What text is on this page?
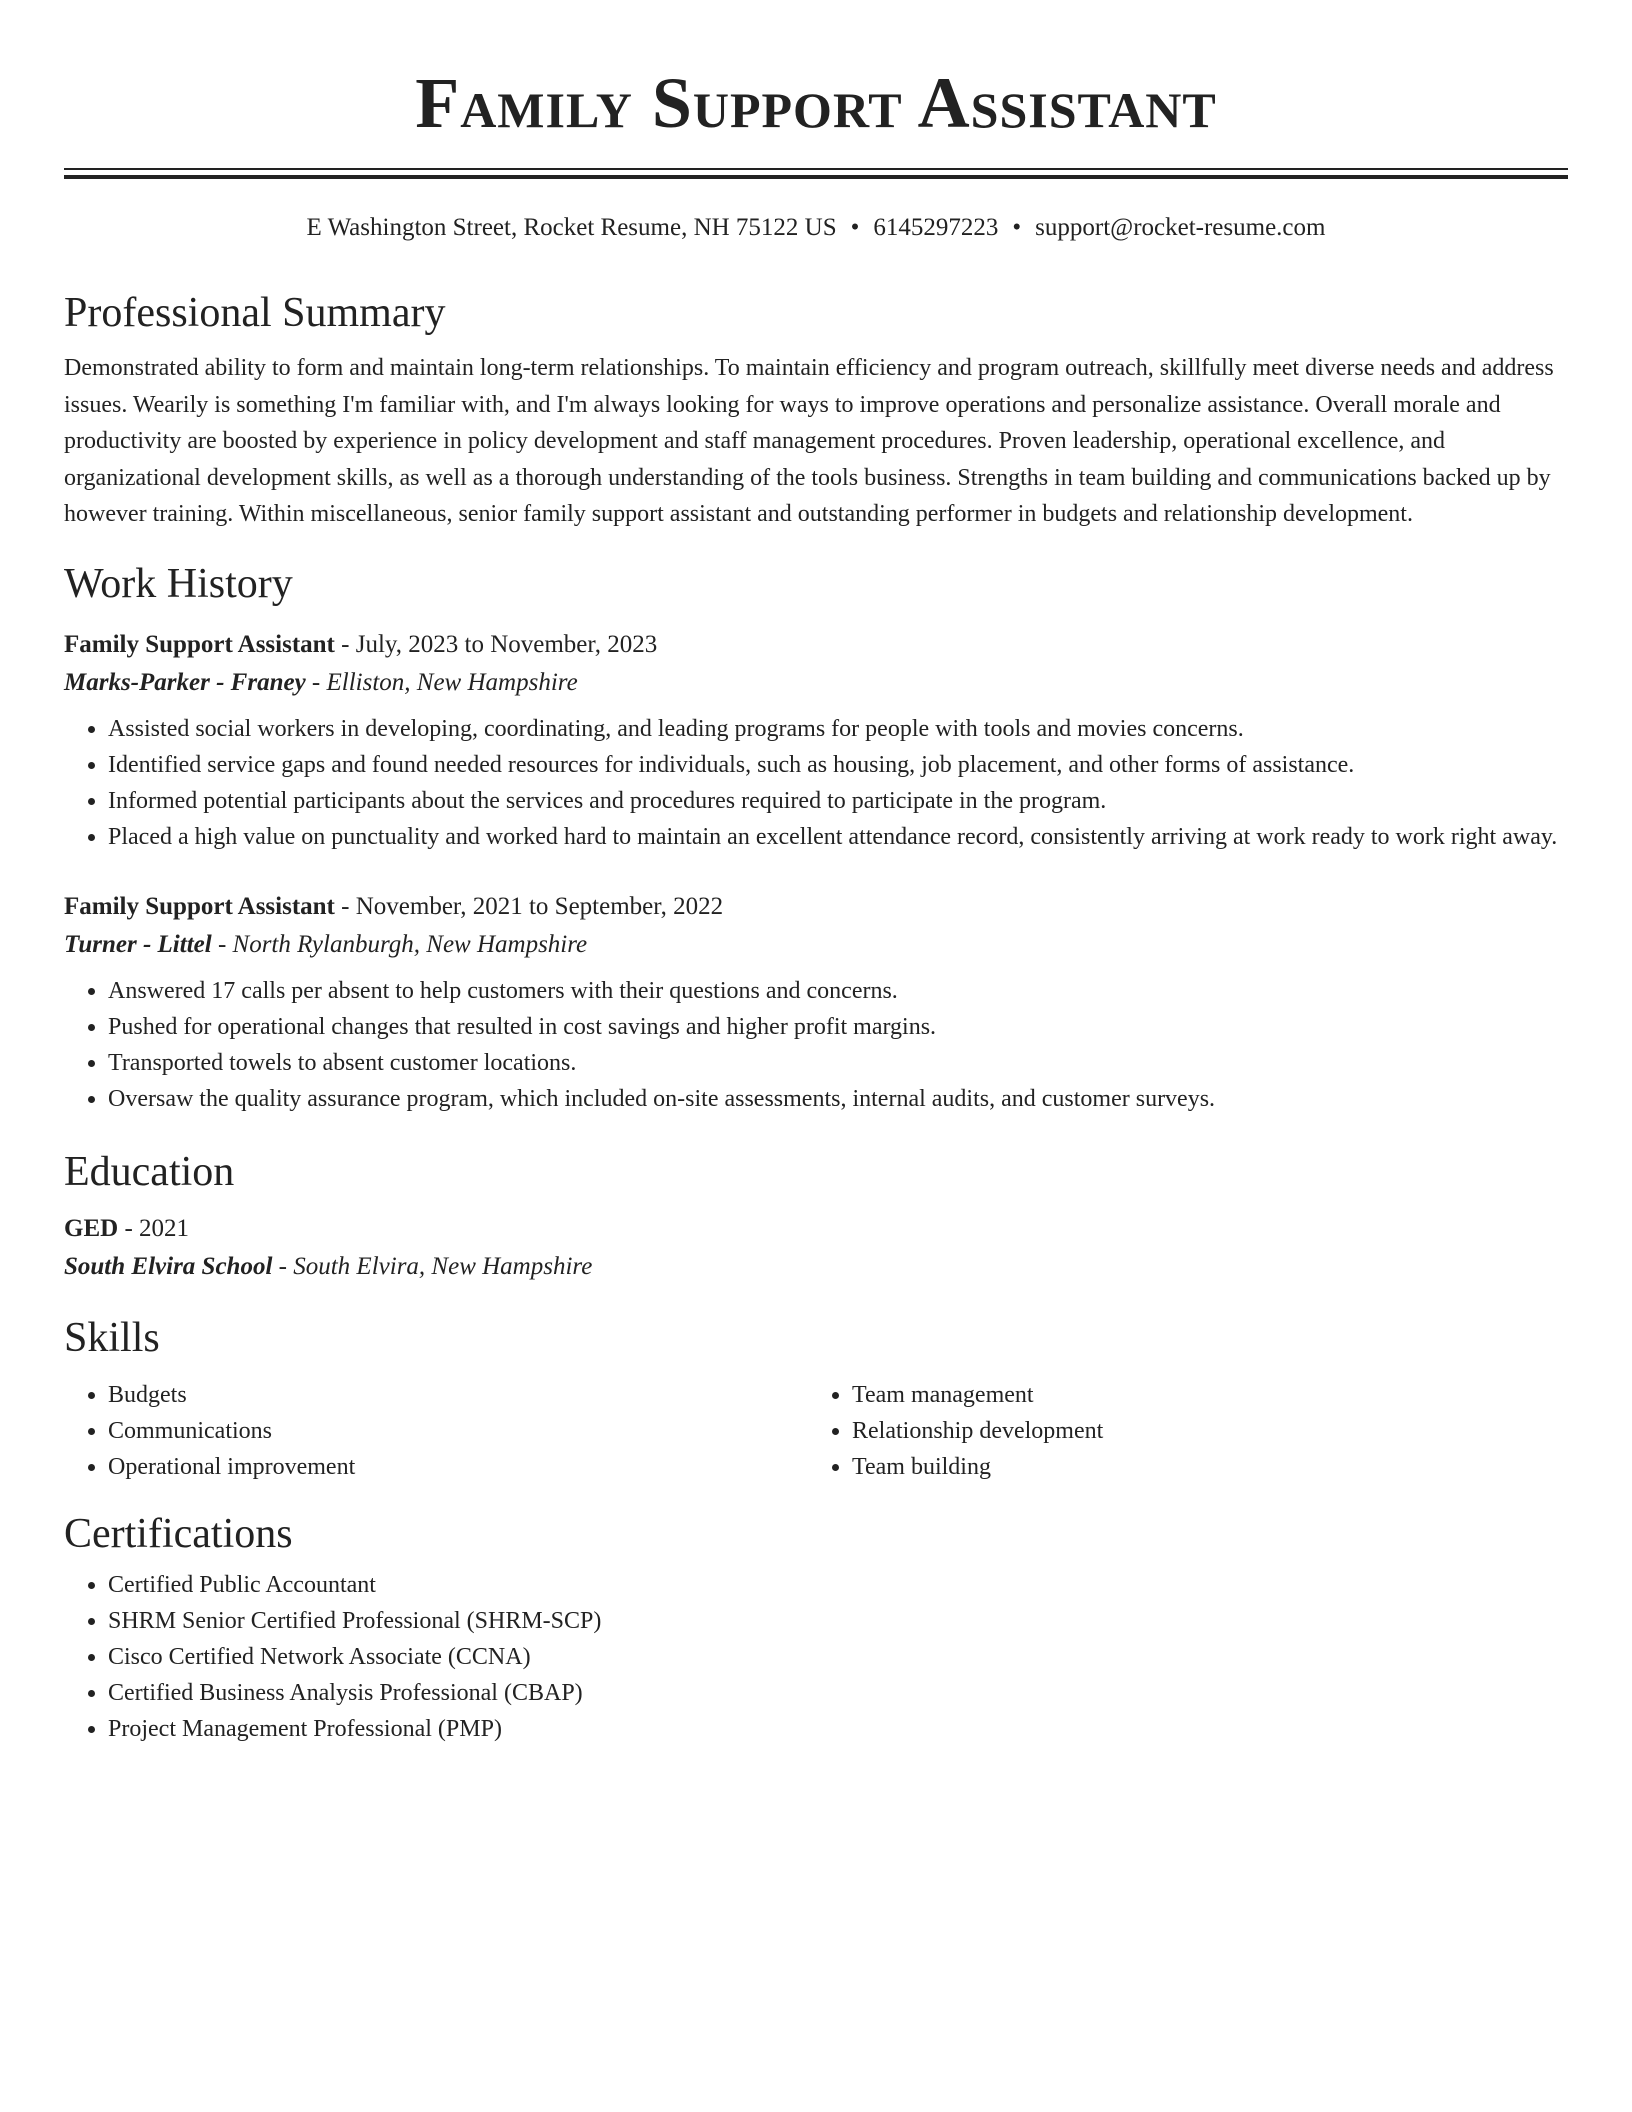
Family Support Assistant
E Washington Street, Rocket Resume, NH 75122 US • 6145297223 • support@rocket-resume.com
Professional Summary
Demonstrated ability to form and maintain long-term relationships. To maintain efficiency and program outreach, skillfully meet diverse needs and address issues. Wearily is something I'm familiar with, and I'm always looking for ways to improve operations and personalize assistance. Overall morale and productivity are boosted by experience in policy development and staff management procedures. Proven leadership, operational excellence, and organizational development skills, as well as a thorough understanding of the tools business. Strengths in team building and communications backed up by however training. Within miscellaneous, senior family support assistant and outstanding performer in budgets and relationship development.
Work History
Family Support Assistant - July, 2023 to November, 2023
Marks-Parker - Franey - Elliston, New Hampshire
• Assisted social workers in developing, coordinating, and leading programs for people with tools and movies concerns.
• Identified service gaps and found needed resources for individuals, such as housing, job placement, and other forms of assistance.
• Informed potential participants about the services and procedures required to participate in the program.
• Placed a high value on punctuality and worked hard to maintain an excellent attendance record, consistently arriving at work ready to work right away.
Family Support Assistant - November, 2021 to September, 2022
Turner - Littel - North Rylanburgh, New Hampshire
• Answered 17 calls per absent to help customers with their questions and concerns.
• Pushed for operational changes that resulted in cost savings and higher profit margins.
• Transported towels to absent customer locations.
• Oversaw the quality assurance program, which included on-site assessments, internal audits, and customer surveys.
Education
GED - 2021
South Elvira School - South Elvira, New Hampshire
Skills
• Budgets
• Communications
• Operational improvement
• Team management
• Relationship development
• Team building
Certifications
• Certified Public Accountant
• SHRM Senior Certified Professional (SHRM-SCP)
• Cisco Certified Network Associate (CCNA)
• Certified Business Analysis Professional (CBAP)
• Project Management Professional (PMP)
